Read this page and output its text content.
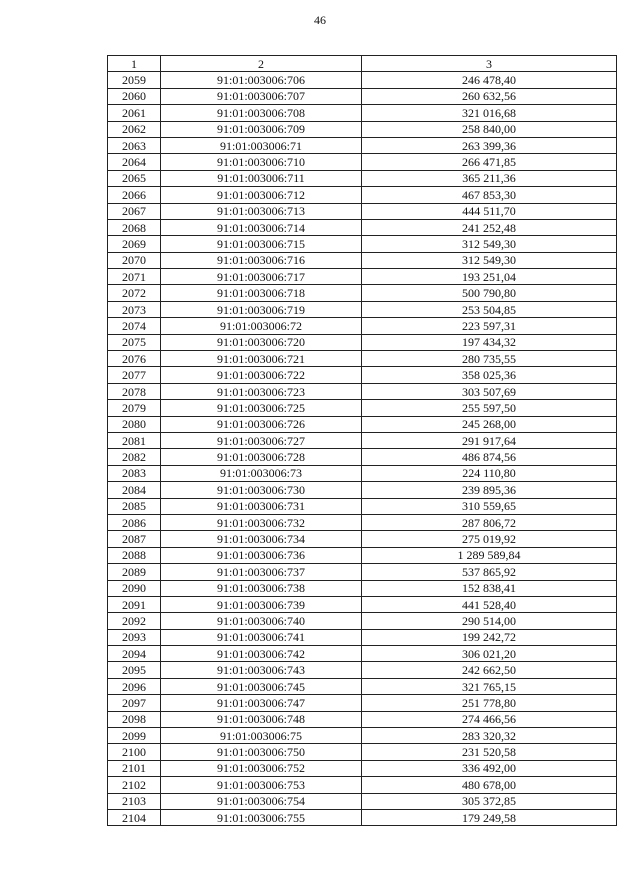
46
1	2	3
2059	91:01:003006:706	246 478,40
2060	91:01:003006:707	260 632,56
2061	91:01:003006:708	321 016,68
2062	91:01:003006:709	258 840,00
2063	91:01:003006:71	263 399,36
2064	91:01:003006:710	266 471,85
2065	91:01:003006:711	365 211,36
2066	91:01:003006:712	467 853,30
2067	91:01:003006:713	444 511,70
2068	91:01:003006:714	241 252,48
2069	91:01:003006:715	312 549,30
2070	91:01:003006:716	312 549,30
2071	91:01:003006:717	193 251,04
2072	91:01:003006:718	500 790,80
2073	91:01:003006:719	253 504,85
2074	91:01:003006:72	223 597,31
2075	91:01:003006:720	197 434,32
2076	91:01:003006:721	280 735,55
2077	91:01:003006:722	358 025,36
2078	91:01:003006:723	303 507,69
2079	91:01:003006:725	255 597,50
2080	91:01:003006:726	245 268,00
2081	91:01:003006:727	291 917,64
2082	91:01:003006:728	486 874,56
2083	91:01:003006:73	224 110,80
2084	91:01:003006:730	239 895,36
2085	91:01:003006:731	310 559,65
2086	91:01:003006:732	287 806,72
2087	91:01:003006:734	275 019,92
2088	91:01:003006:736	1 289 589,84
2089	91:01:003006:737	537 865,92
2090	91:01:003006:738	152 838,41
2091	91:01:003006:739	441 528,40
2092	91:01:003006:740	290 514,00
2093	91:01:003006:741	199 242,72
2094	91:01:003006:742	306 021,20
2095	91:01:003006:743	242 662,50
2096	91:01:003006:745	321 765,15
2097	91:01:003006:747	251 778,80
2098	91:01:003006:748	274 466,56
2099	91:01:003006:75	283 320,32
2100	91:01:003006:750	231 520,58
2101	91:01:003006:752	336 492,00
2102	91:01:003006:753	480 678,00
2103	91:01:003006:754	305 372,85
2104	91:01:003006:755	179 249,58
